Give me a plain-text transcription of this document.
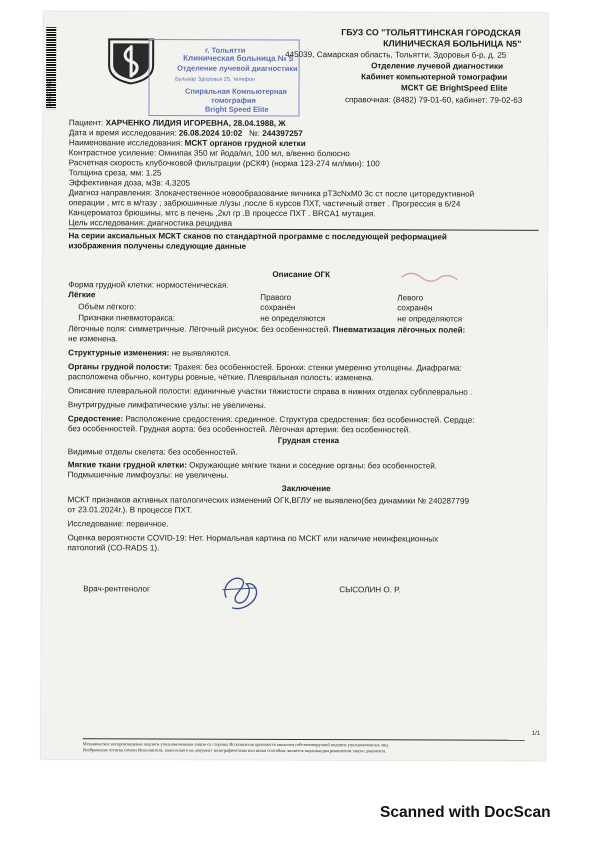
244397257
г. Тольятти
Клиническая больница № 5
Отделение лучевой диагностики
Бульвар Здоровья 25, телефон
Спиральная Компьютерная
томография
Bright Speed Elite
ГБУЗ СО "ТОЛЬЯТТИНСКАЯ ГОРОДСКАЯ
КЛИНИЧЕСКАЯ БОЛЬНИЦА N5"
445039, Самарская область, Тольятти, Здоровья б-р, д. 25
Отделение лучевой диагностики
Кабинет компьютерной томографии
МСКТ GE BrightSpeed Elite
справочная: (8482) 79-01-60, кабинет: 79-02-63
Пациент: ХАРЧЕНКО ЛИДИЯ ИГОРЕВНА, 28.04.1988, Ж
Дата и время исследования: 26.08.2024 10:02 №: 244397257
Наименование исследования: МСКТ органов грудной клетки
Контрастное усиление: Омнипак 350 мг йода/мл, 100 мл, в/венно болюсно
Расчетная скорость клубочковой фильтрации (рСКФ) (норма 123-274 мл/мин): 100
Толщина среза, мм: 1.25
Эффективная доза, мЗв: 4,3205
Диагноз направления: Злокачественное новообразование яичника рТ3сNxM0 3с ст после циторедуктивной
операции , мтс в м/тазу , забрюшинные л/узы ,после 6 курсов ПХТ, частичный ответ . Прогрессия в 6/24
Канцероматоз брюшины, мтс в печень ,2кл гр .В процессе ПХТ . BRCA1 мутация.
Цель исследования: диагностика рецидива
На серии аксиальных МСКТ сканов по стандартной программе с последующей реформацией
изображения получены следующие данные
Описание ОГК
Форма грудной клетки: нормостеническая.
Лёгкие	Правого	Левого
Объём лёгкого:	сохранён	сохранён
Признаки пневмоторакса:	не определяются	не определяются
Лёгочные поля: симметричные. Лёгочный рисунок: без особенностей. Пневматизация лёгочных полей:
не изменена.
Структурные изменения: не выявляются.
Органы грудной полости: Трахея: без особенностей. Бронхи: стенки умеренно утолщены. Диафрагма:
расположена обычно, контуры ровные, чёткие. Плевральная полость: изменена.
Описание плевральной полости: единичные участки тяжистости справа в нижних отделах субплеврально .
Внутригрудные лимфатические узлы: не увеличены.
Средостение: Расположение средостения: срединное. Структура средостения: без особенностей. Сердце:
без особенностей. Грудная аорта: без особенностей. Лёгочная артерия: без особенностей.
Грудная стенка
Видимые отделы скелета: без особенностей.
Мягкие ткани грудной клетки: Окружающие мягкие ткани и соседние органы: без особенностей.
Подмышечные лимфоузлы: не увеличены.
Заключение
МСКТ признаков активных патологических изменений ОГК,ВГЛУ не выявлено(без динамики № 240287799
от 23.01.2024г.). В процессе ПХТ.
Исследование: первичное.
Оценка вероятности COVID-19: Нет. Нормальная картина по МСКТ или наличие неинфекционных
патологий (CO-RADS 1).
Врач-рентгенолог	СЫСОЛИН О. Р.
1/1
Механическое воспроизведение подписи уполномоченным лицом со стороны Исполнителя признается аналогом собственноручной подписи уполномоченных лиц.
Изображение оттиска печати Исполнителя, нанесенного на документ типографическим или иным способом, является надлежащим реквизитом такого документа.
Scanned with DocScan
